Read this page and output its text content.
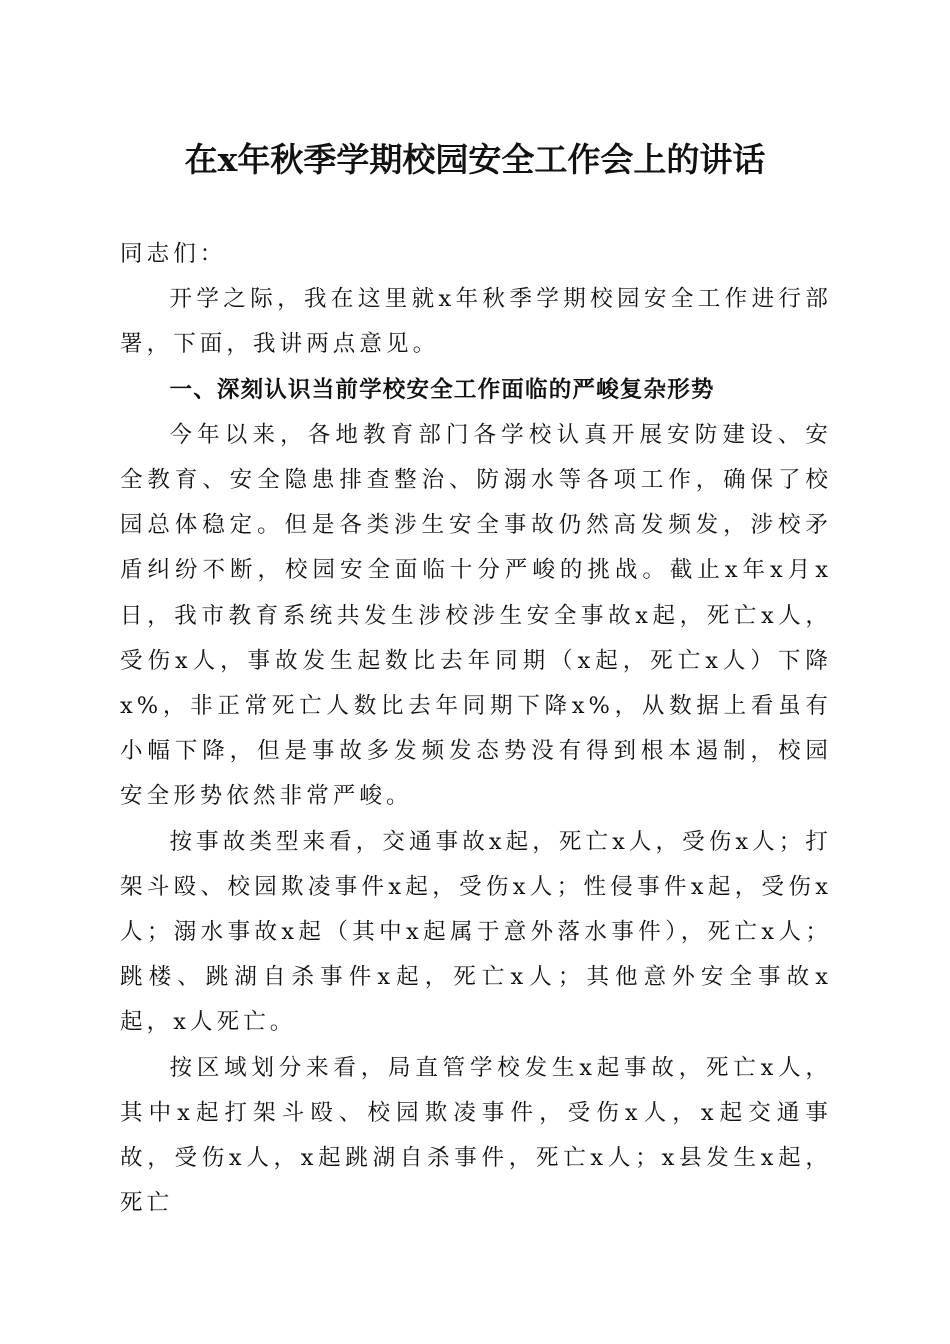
在x年秋季学期校园安全工作会上的讲话

同志们：

开学之际，我在这里就x年秋季学期校园安全工作进行部署，下面，我讲两点意见。

一、深刻认识当前学校安全工作面临的严峻复杂形势

今年以来，各地教育部门各学校认真开展安防建设、安全教育、安全隐患排查整治、防溺水等各项工作，确保了校园总体稳定。但是各类涉生安全事故仍然高发频发，涉校矛盾纠纷不断，校园安全面临十分严峻的挑战。截止x年x月x日，我市教育系统共发生涉校涉生安全事故x起，死亡x人，受伤x人，事故发生起数比去年同期（x起，死亡x人）下降x%，非正常死亡人数比去年同期下降x%，从数据上看虽有小幅下降，但是事故多发频发态势没有得到根本遏制，校园安全形势依然非常严峻。

按事故类型来看，交通事故x起，死亡x人，受伤x人；打架斗殴、校园欺凌事件x起，受伤x人；性侵事件x起，受伤x人；溺水事故x起（其中x起属于意外落水事件），死亡x人；跳楼、跳湖自杀事件x起，死亡x人；其他意外安全事故x起，x人死亡。

按区域划分来看，局直管学校发生x起事故，死亡x人，其中x起打架斗殴、校园欺凌事件，受伤x人，x起交通事故，受伤x人，x起跳湖自杀事件，死亡x人；x县发生x起，死亡
